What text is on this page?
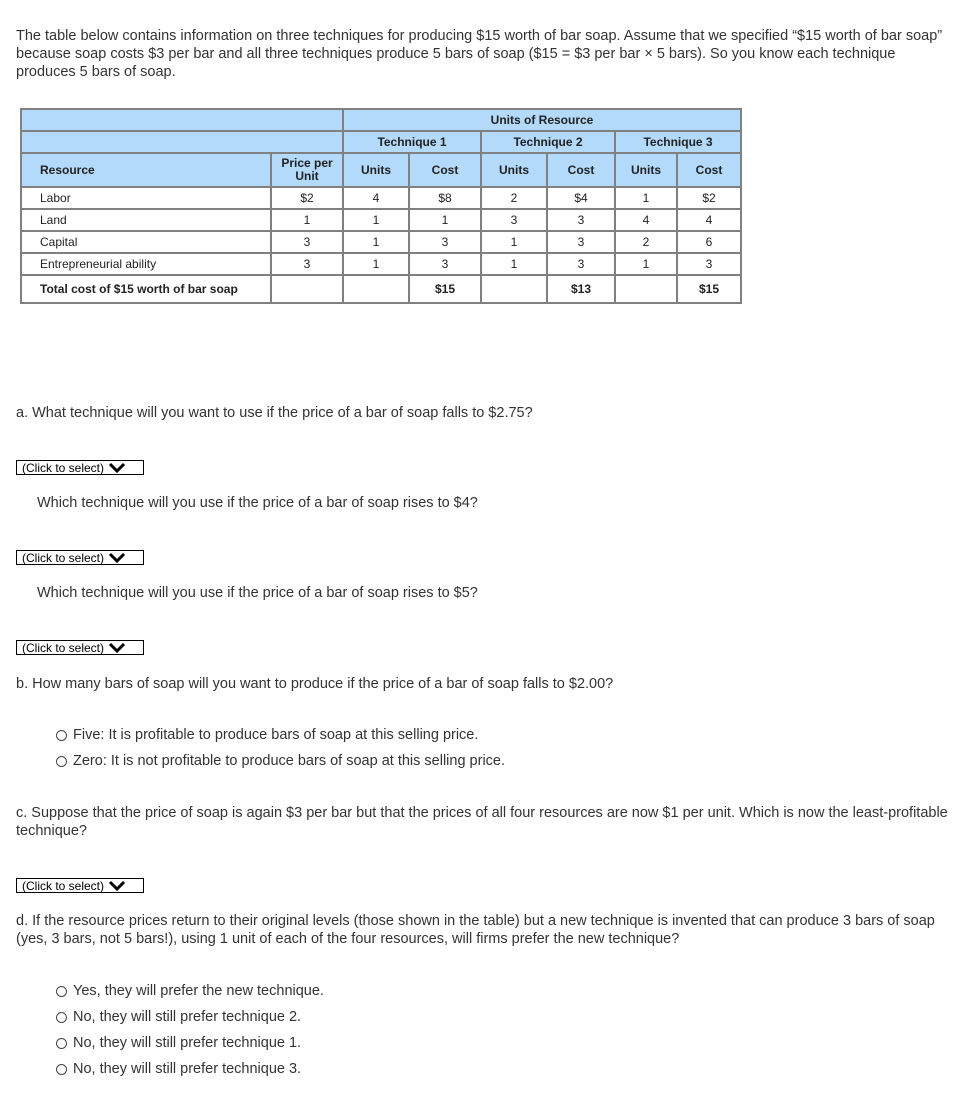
The table below contains information on three techniques for producing $15 worth of bar soap. Assume that we specified “$15 worth of bar soap” because soap costs $3 per bar and all three techniques produce 5 bars of soap ($15 = $3 per bar × 5 bars). So you know each technique produces 5 bars of soap.

		Units of Resource					
		Technique 1		Technique 2		Technique 3	
Resource	Price per Unit	Units	Cost	Units	Cost	Units	Cost
Labor	$2	4	$8	2	$4	1	$2
Land	1	1	1	3	3	4	4
Capital	3	1	3	1	3	2	6
Entrepreneurial ability	3	1	3	1	3	1	3
Total cost of $15 worth of bar soap			$15		$13		$15

a. What technique will you want to use if the price of a bar of soap falls to $2.75?

(Click to select)

Which technique will you use if the price of a bar of soap rises to $4?

(Click to select)

Which technique will you use if the price of a bar of soap rises to $5?

(Click to select)

b. How many bars of soap will you want to produce if the price of a bar of soap falls to $2.00?

Five: It is profitable to produce bars of soap at this selling price.
Zero: It is not profitable to produce bars of soap at this selling price.

c. Suppose that the price of soap is again $3 per bar but that the prices of all four resources are now $1 per unit. Which is now the least-profitable technique?

(Click to select)

d. If the resource prices return to their original levels (those shown in the table) but a new technique is invented that can produce 3 bars of soap (yes, 3 bars, not 5 bars!), using 1 unit of each of the four resources, will firms prefer the new technique?

Yes, they will prefer the new technique.
No, they will still prefer technique 2.
No, they will still prefer technique 1.
No, they will still prefer technique 3.
